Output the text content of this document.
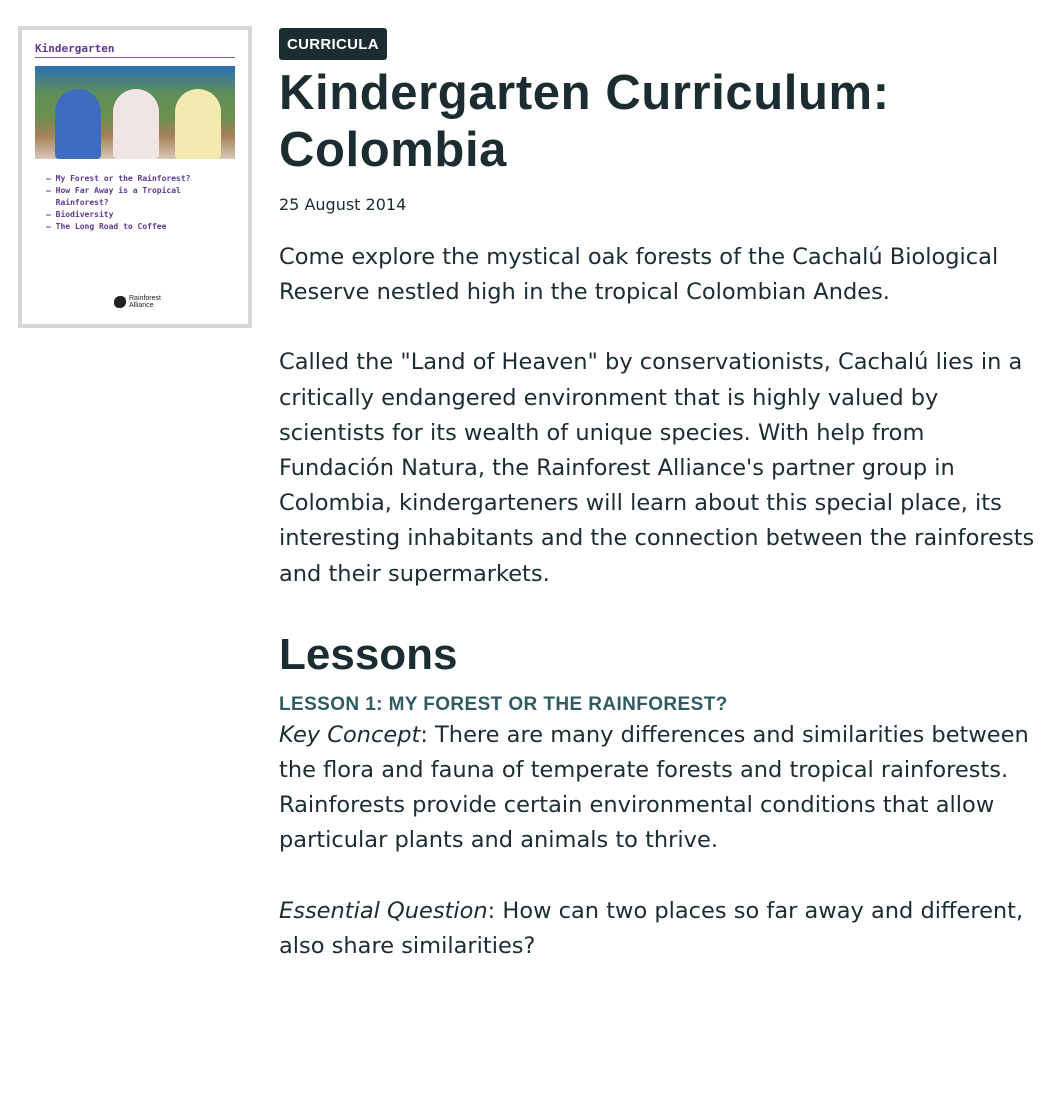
Kindergarten
– My Forest or the Rainforest?
– How Far Away is a Tropical
Rainforest?
– Biodiversity
– The Long Road to Coffee
Rainforest Alliance
CURRICULA
Kindergarten Curriculum: Colombia
25 August 2014

Come explore the mystical oak forests of the Cachalú Biological Reserve nestled high in the tropical Colombian Andes.

Called the "Land of Heaven" by conservationists, Cachalú lies in a critically endangered environment that is highly valued by scientists for its wealth of unique species. With help from Fundación Natura, the Rainforest Alliance's partner group in Colombia, kindergarteners will learn about this special place, its interesting inhabitants and the connection between the rainforests and their supermarkets.

Lessons
LESSON 1: MY FOREST OR THE RAINFOREST?

Key Concept: There are many differences and similarities between the flora and fauna of temperate forests and tropical rainforests. Rainforests provide certain environmental conditions that allow particular plants and animals to thrive.

Essential Question: How can two places so far away and different, also share similarities?
